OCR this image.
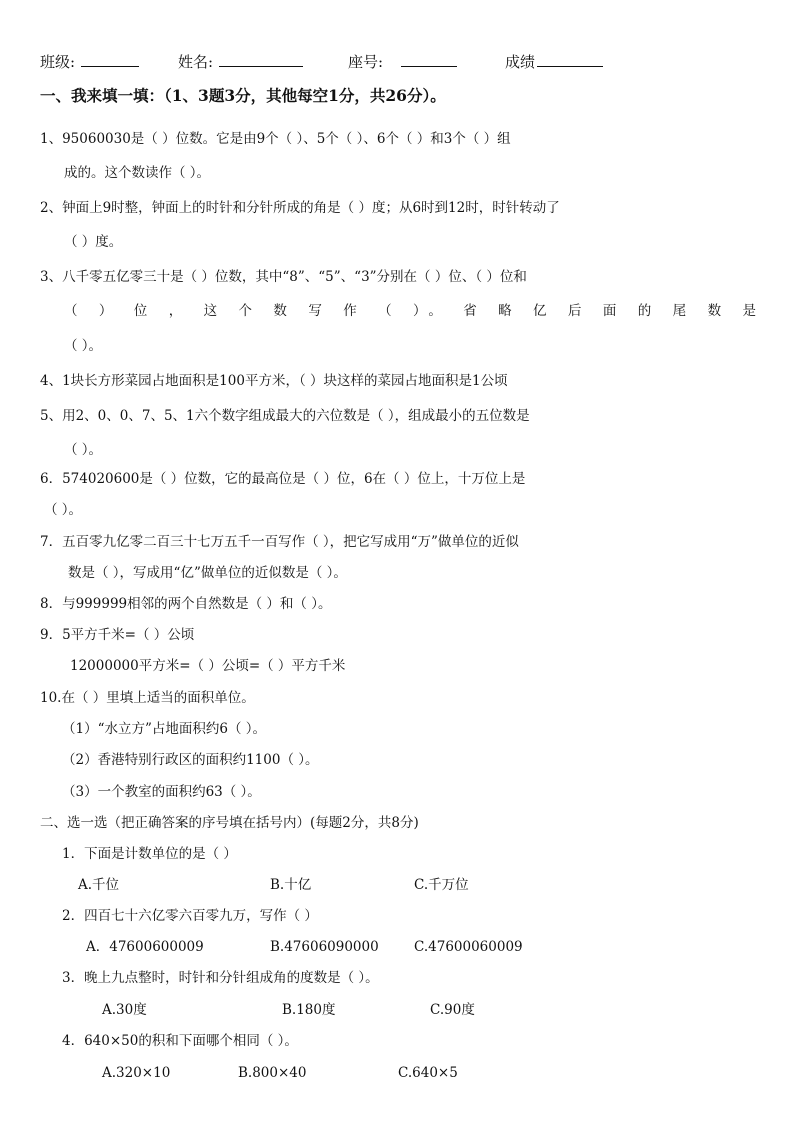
班级:	姓名:	座号:	成绩
一、我来填一填：（1、3题3分，其他每空1分，共26分）。
1、95060030是（ ）位数。它是由9个（ ）、5个（ ）、6个（ ）和3个（ ）组
成的。这个数读作（ ）。
2、钟面上9时整，钟面上的时针和分针所成的角是（ ）度；从6时到12时，时针转动了
（ ）度。
3、八千零五亿零三十是（ ）位数，其中“8”、“5”、“3”分别在（ ）位、（ ）位和
（ ） 位 ， 这 个 数 写 作 （ ）。 省 略 亿 后 面 的 尾 数 是
（ ）。
4、1块长方形菜园占地面积是100平方米，（ ）块这样的菜园占地面积是1公顷
5、用2、0、0、7、5、1六个数字组成最大的六位数是（ ），组成最小的五位数是
（ ）。
6．574020600是（ ）位数，它的最高位是（ ）位，6在（ ）位上，十万位上是
（ ）。
7．五百零九亿零二百三十七万五千一百写作（ ），把它写成用“万”做单位的近似
数是（ ），写成用“亿”做单位的近似数是（ ）。
8．与999999相邻的两个自然数是（ ）和（ ）。
9．5平方千米=（ ）公顷
12000000平方米=（ ）公顷=（ ）平方千米
10.在（ ）里填上适当的面积单位。
（1）“水立方”占地面积约6（ ）。
（2）香港特别行政区的面积约1100（ ）。
（3）一个教室的面积约63（ ）。
二、选一选（把正确答案的序号填在括号内）(每题2分，共8分)
1．下面是计数单位的是（ ）
A.千位	B.十亿	C.千万位
2．四百七十六亿零六百零九万，写作（ ）
A．47600600009	B.47606090000	C.47600060009
3．晚上九点整时，时针和分针组成角的度数是（ ）。
A.30度	B.180度	C.90度
4．640×50的积和下面哪个相同（ ）。
A.320×10	B.800×40	C.640×5
